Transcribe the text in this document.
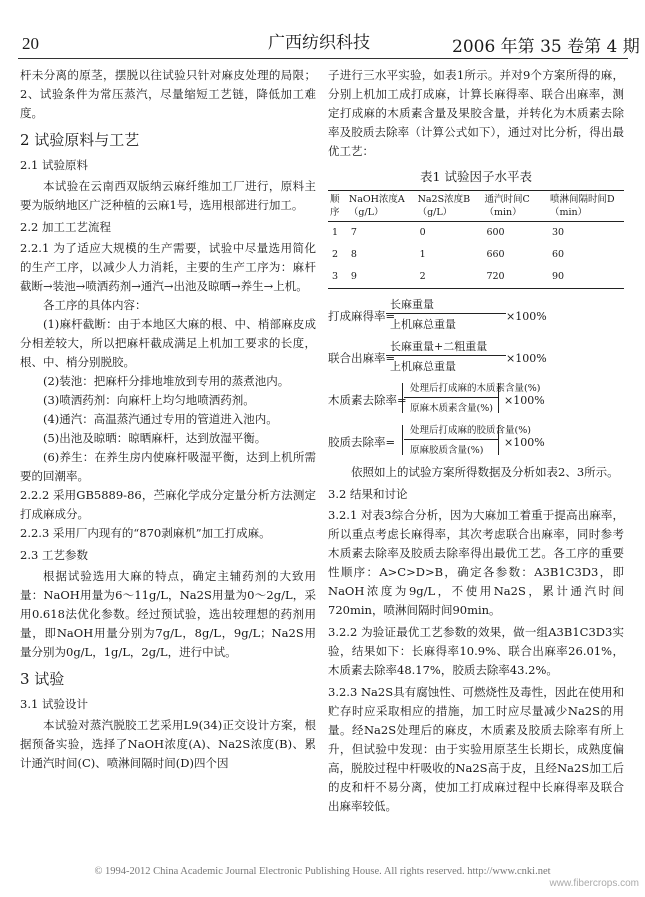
20	广西纺织科技	2006 年第 35 卷第 4 期

杆未分离的原茎，摆脱以往试验只针对麻皮处理的局限；2、试验条件为常压蒸汽，尽量缩短工艺链，降低加工难度。

2 试验原料与工艺

2.1 试验原料

本试验在云南西双版纳云麻纤维加工厂进行，原料主要为版纳地区广泛种植的云麻1号，选用根部进行加工。

2.2 加工工艺流程

2.2.1 为了适应大规模的生产需要，试验中尽量选用简化的生产工序，以减少人力消耗，主要的生产工序为：麻杆截断→装池→喷洒药剂→通汽→出池及晾晒→养生→上机。

各工序的具体内容：

(1)麻杆截断：由于本地区大麻的根、中、梢部麻皮成分相差较大，所以把麻杆截成满足上机加工要求的长度，根、中、梢分别脱胶。

(2)装池：把麻杆分排地堆放到专用的蒸煮池内。

(3)喷洒药剂：向麻杆上均匀地喷洒药剂。

(4)通汽：高温蒸汽通过专用的管道进入池内。

(5)出池及晾晒：晾晒麻杆，达到放湿平衡。

(6)养生：在养生房内使麻杆吸湿平衡，达到上机所需要的回潮率。

2.2.2 采用GB5889-86，苎麻化学成分定量分析方法测定打成麻成分。

2.2.3 采用厂内现有的“870剥麻机”加工打成麻。

2.3 工艺参数

根据试验选用大麻的特点，确定主辅药剂的大致用量：NaOH用量为6～11g/L，Na2S用量为0～2g/L，采用0.618法优化参数。经过预试验，选出较理想的药剂用量，即NaOH用量分别为7g/L，8g/L，9g/L；Na2S用量分别为0g/L，1g/L，2g/L，进行中试。

3 试验

3.1 试验设计

本试验对蒸汽脱胶工艺采用L9(34)正交设计方案，根据预备实验，选择了NaOH浓度(A)、Na2S浓度(B)、累计通汽时间(C)、喷淋间隔时间(D)四个因

子进行三水平实验，如表1所示。并对9个方案所得的麻，分别上机加工成打成麻，计算长麻得率、联合出麻率，测定打成麻的木质素含量及果胶含量，并转化为木质素去除率及胶质去除率（计算公式如下），通过对比分析，得出最优工艺：

表1 试验因子水平表

顺序	NaOH浓度A（g/L）	Na2S浓度B（g/L）	通汽时间C（min）	喷淋间隔时间D（min）
1	7	0	600	30
2	8	1	660	60
3	9	2	720	90
打成麻得率=
长麻重量
上机麻总重量
×100%
联合出麻率=
长麻重量+二粗重量
上机麻总重量
×100%
木质素去除率=
处理后打成麻的木质素含量(%)
原麻木质素含量(%)
×100%
胶质去除率=
处理后打成麻的胶质含量(%)
原麻胶质含量(%)
×100%

依照如上的试验方案所得数据及分析如表2、3所示。

3.2 结果和讨论

3.2.1 对表3综合分析，因为大麻加工着重于提高出麻率，所以重点考虑长麻得率，其次考虑联合出麻率，同时参考木质素去除率及胶质去除率得出最优工艺。各工序的重要性顺序：A>C>D>B，确定各参数：A3B1C3D3，即NaOH浓度为9g/L，不使用Na2S，累计通汽时间720min，喷淋间隔时间90min。

3.2.2 为验证最优工艺参数的效果，做一组A3B1C3D3实验，结果如下：长麻得率10.9%、联合出麻率26.01%，木质素去除率48.17%，胶质去除率43.2%。

3.2.3 Na2S具有腐蚀性、可燃烧性及毒性，因此在使用和贮存时应采取相应的措施，加工时应尽量减少Na2S的用量。经Na2S处理后的麻皮，木质素及胶质去除率有所上升，但试验中发现：由于实验用原茎生长期长，成熟度偏高，脱胶过程中杆吸收的Na2S高于皮，且经Na2S加工后的皮和杆不易分离，使加工打成麻过程中长麻得率及联合出麻率较低。

© 1994-2012 China Academic Journal Electronic Publishing House. All rights reserved. http://www.cnki.net
www.fibercrops.com
